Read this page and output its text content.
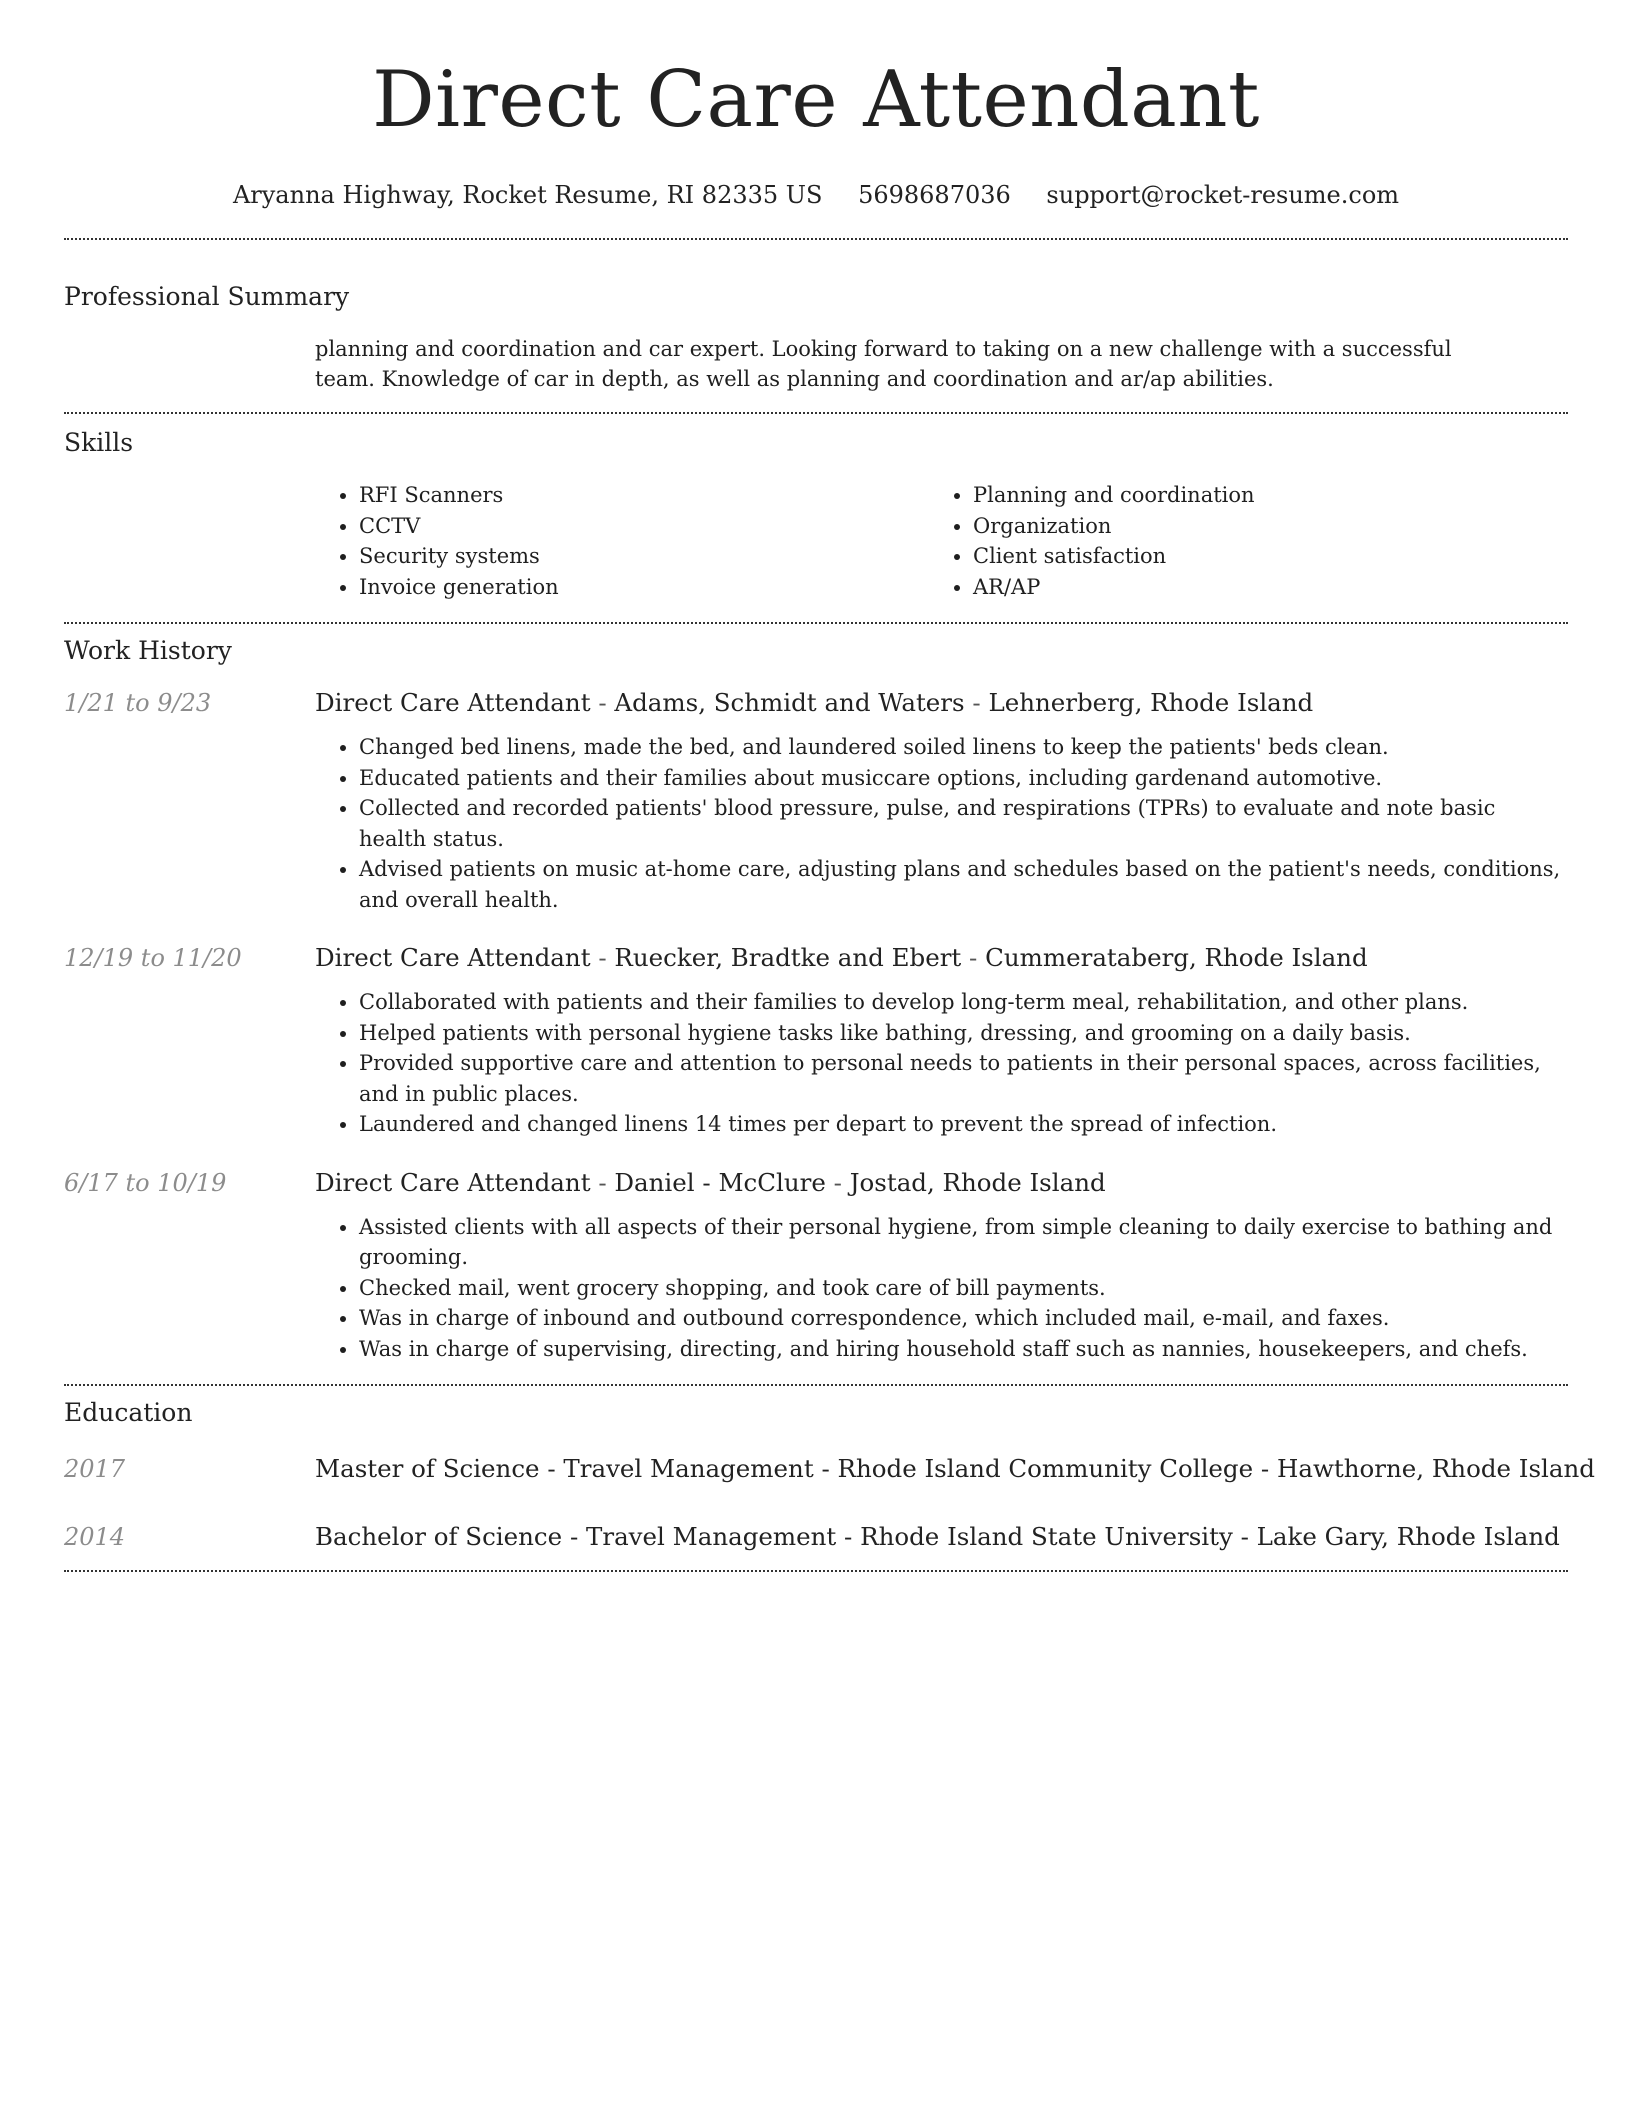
Direct Care Attendant
Aryanna Highway, Rocket Resume, RI 82335 US 5698687036 support@rocket-resume.com
Professional Summary
planning and coordination and car expert. Looking forward to taking on a new challenge with a successful team. Knowledge of car in depth, as well as planning and coordination and ar/ap abilities.
Skills
• RFI Scanners
• CCTV
• Security systems
• Invoice generation
• Planning and coordination
• Organization
• Client satisfaction
• AR/AP
Work History
1/21 to 9/23	Direct Care Attendant - Adams, Schmidt and Waters - Lehnerberg, Rhode Island
• Changed bed linens, made the bed, and laundered soiled linens to keep the patients' beds clean.
• Educated patients and their families about musiccare options, including gardenand automotive.
• Collected and recorded patients' blood pressure, pulse, and respirations (TPRs) to evaluate and note basic health status.
• Advised patients on music at-home care, adjusting plans and schedules based on the patient's needs, conditions, and overall health.
12/19 to 11/20	Direct Care Attendant - Ruecker, Bradtke and Ebert - Cummerataberg, Rhode Island
• Collaborated with patients and their families to develop long-term meal, rehabilitation, and other plans.
• Helped patients with personal hygiene tasks like bathing, dressing, and grooming on a daily basis.
• Provided supportive care and attention to personal needs to patients in their personal spaces, across facilities, and in public places.
• Laundered and changed linens 14 times per depart to prevent the spread of infection.
6/17 to 10/19	Direct Care Attendant - Daniel - McClure - Jostad, Rhode Island
• Assisted clients with all aspects of their personal hygiene, from simple cleaning to daily exercise to bathing and grooming.
• Checked mail, went grocery shopping, and took care of bill payments.
• Was in charge of inbound and outbound correspondence, which included mail, e-mail, and faxes.
• Was in charge of supervising, directing, and hiring household staff such as nannies, housekeepers, and chefs.
Education
2017	Master of Science - Travel Management - Rhode Island Community College - Hawthorne, Rhode Island
2014	Bachelor of Science - Travel Management - Rhode Island State University - Lake Gary, Rhode Island
